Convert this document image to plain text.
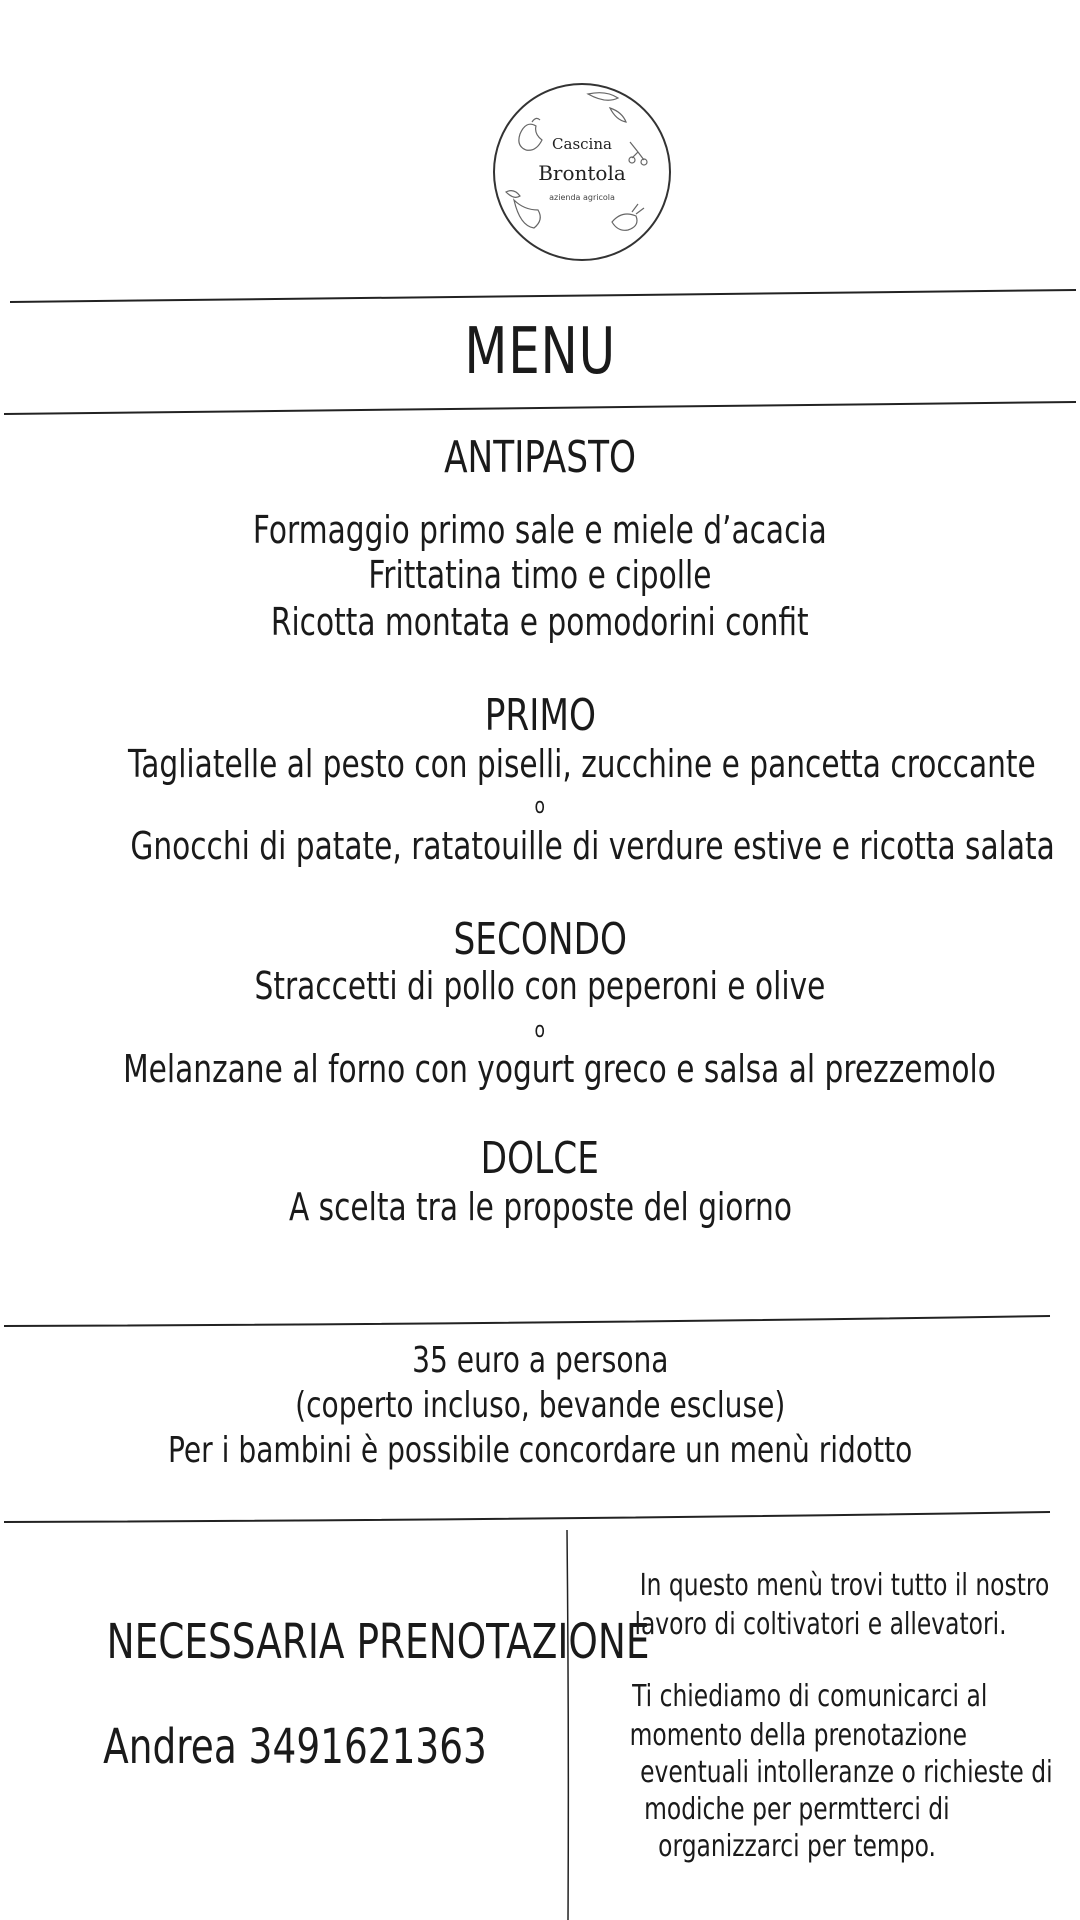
Cascina
Brontola
azienda agricola
MENU
ANTIPASTO
Formaggio primo sale e miele d’acacia
Frittatina timo e cipolle
Ricotta montata e pomodorini confit
PRIMO
Tagliatelle al pesto con piselli, zucchine e pancetta croccante
o
Gnocchi di patate, ratatouille di verdure estive e ricotta salata
SECONDO
Straccetti di pollo con peperoni e olive
o
Melanzane al forno con yogurt greco e salsa al prezzemolo
DOLCE
A scelta tra le proposte del giorno
35 euro a persona
(coperto incluso, bevande escluse)
Per i bambini è possibile concordare un menù ridotto
NECESSARIA PRENOTAZIONE
Andrea 3491621363
In questo menù trovi tutto il nostro
lavoro di coltivatori e allevatori.
Ti chiediamo di comunicarci al
momento della prenotazione
eventuali intolleranze o richieste di
modiche per permtterci di
organizzarci per tempo.
